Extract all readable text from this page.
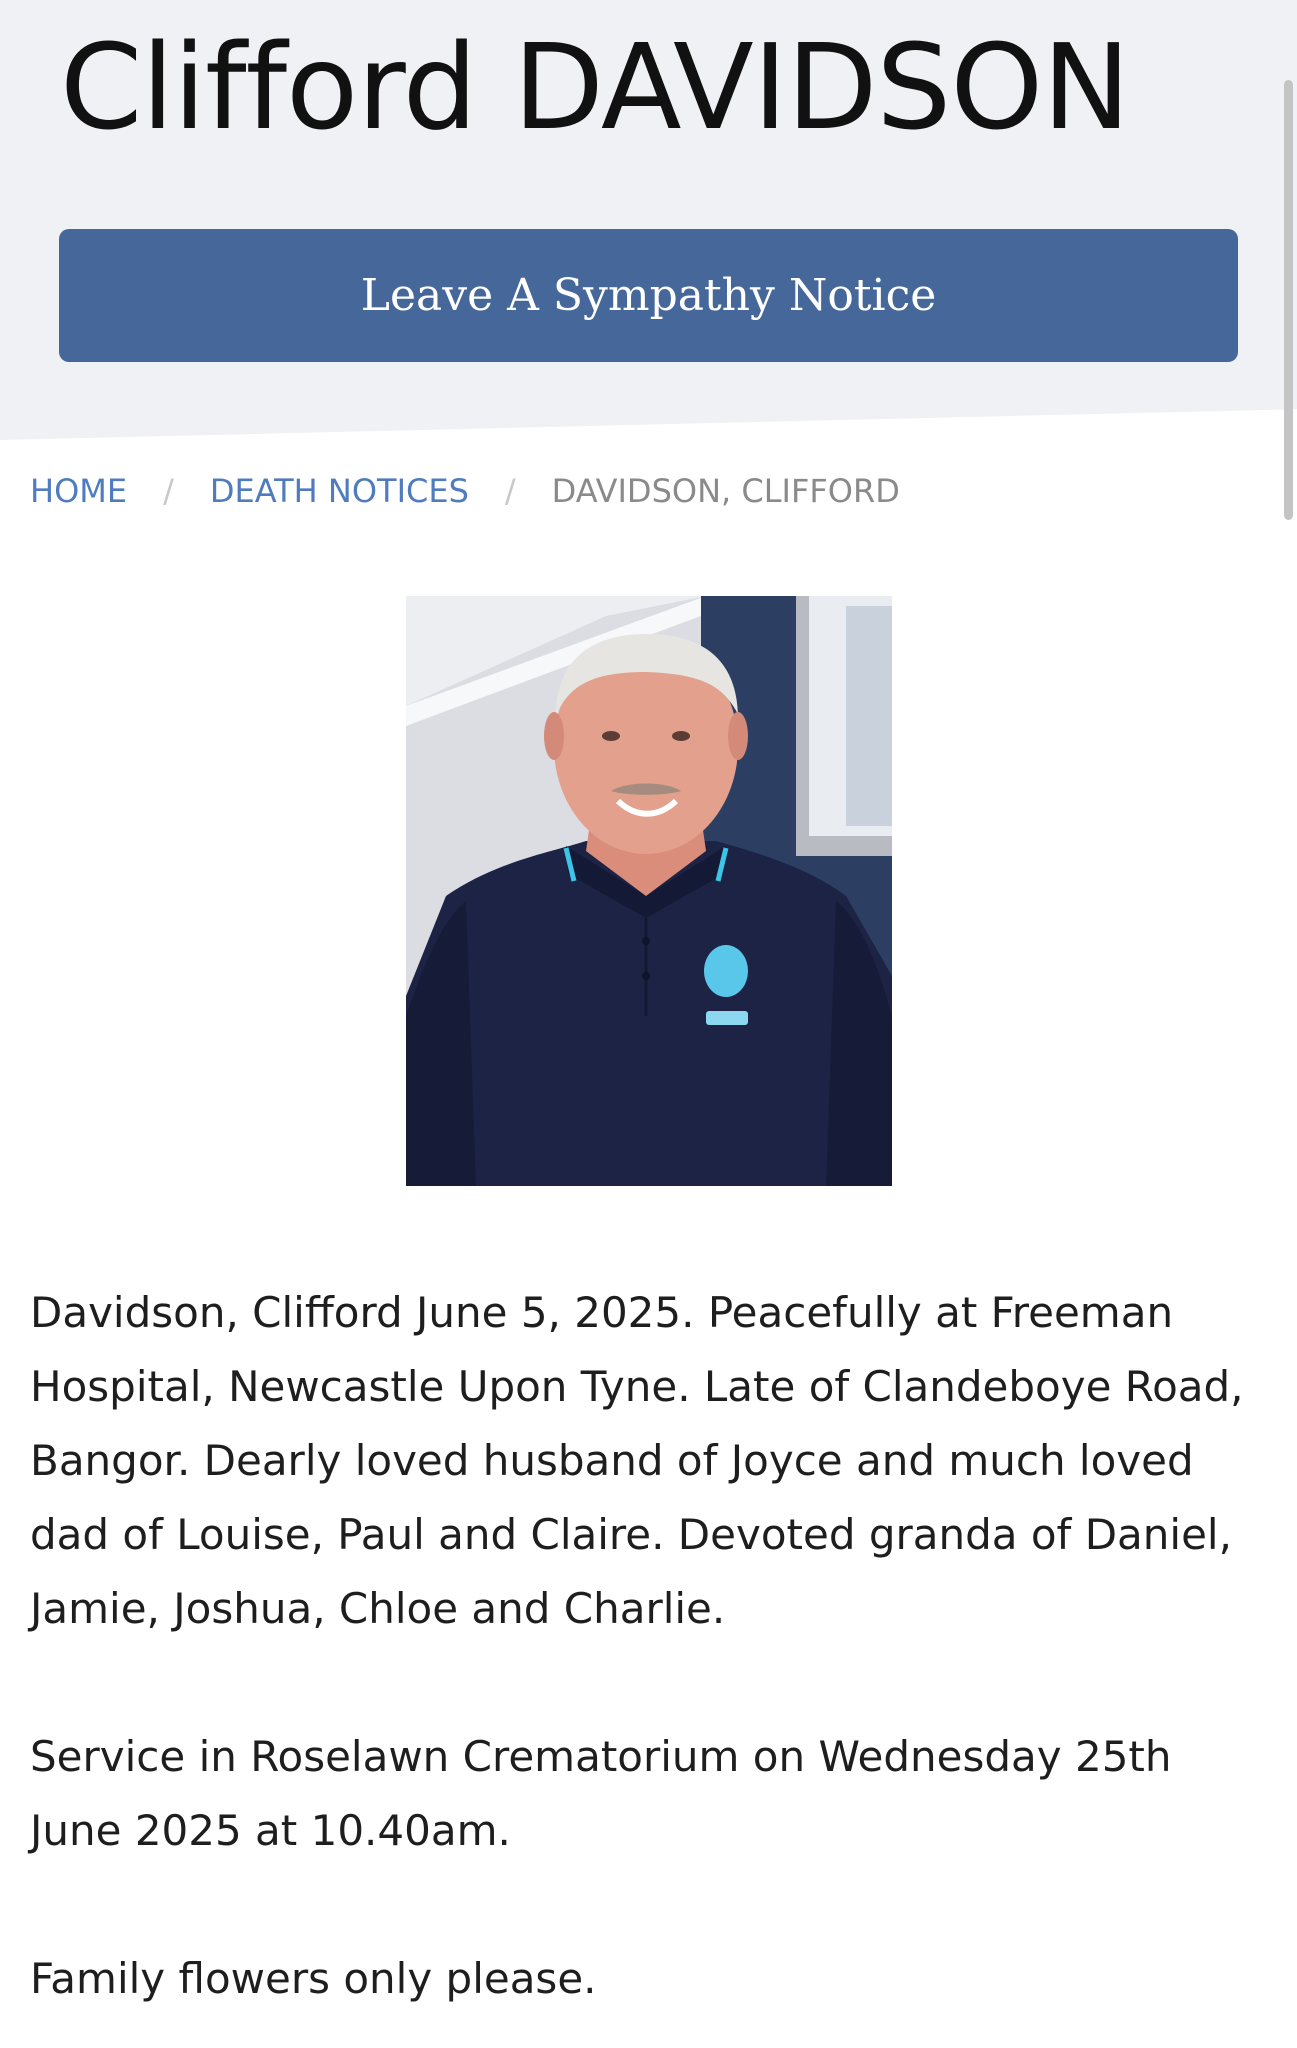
Clifford DAVIDSON
Leave A Sympathy Notice
HOME / DEATH NOTICES / DAVIDSON, CLIFFORD

Davidson, Clifford June 5, 2025. Peacefully at Freeman Hospital, Newcastle Upon Tyne. Late of Clandeboye Road, Bangor. Dearly loved husband of Joyce and much loved dad of Louise, Paul and Claire. Devoted granda of Daniel, Jamie, Joshua, Chloe and Charlie.

Service in Roselawn Crematorium on Wednesday 25th June 2025 at 10.40am.

Family flowers only please.
